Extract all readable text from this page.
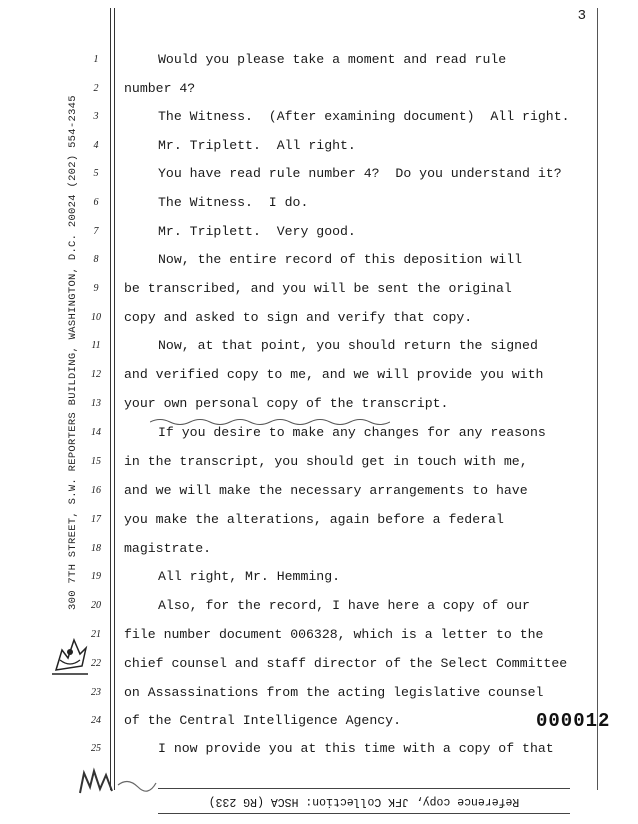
3
300 7TH STREET, S.W. REPORTERS BUILDING, WASHINGTON, D.C. 20024 (202) 554-2345
1	Would you please take a moment and read rule
2	number 4?
3	The Witness.  (After examining document)  All right.
4	Mr. Triplett.  All right.
5	You have read rule number 4?  Do you understand it?
6	The Witness.  I do.
7	Mr. Triplett.  Very good.
8	Now, the entire record of this deposition will
9	be transcribed, and you will be sent the original
10	copy and asked to sign and verify that copy.
11	Now, at that point, you should return the signed
12	and verified copy to me, and we will provide you with
13	your own personal copy of the transcript.
14	If you desire to make any changes for any reasons
15	in the transcript, you should get in touch with me,
16	and we will make the necessary arrangements to have
17	you make the alterations, again before a federal
18	magistrate.
19	All right, Mr. Hemming.
20	Also, for the record, I have here a copy of our
21	file number document 006328, which is a letter to the
22	chief counsel and staff director of the Select Committee
23	on Assassinations from the acting legislative counsel
24	of the Central Intelligence Agency.
25	I now provide you at this time with a copy of that
000012
Reference copy, JFK Collection: HSCA (RG 233)
